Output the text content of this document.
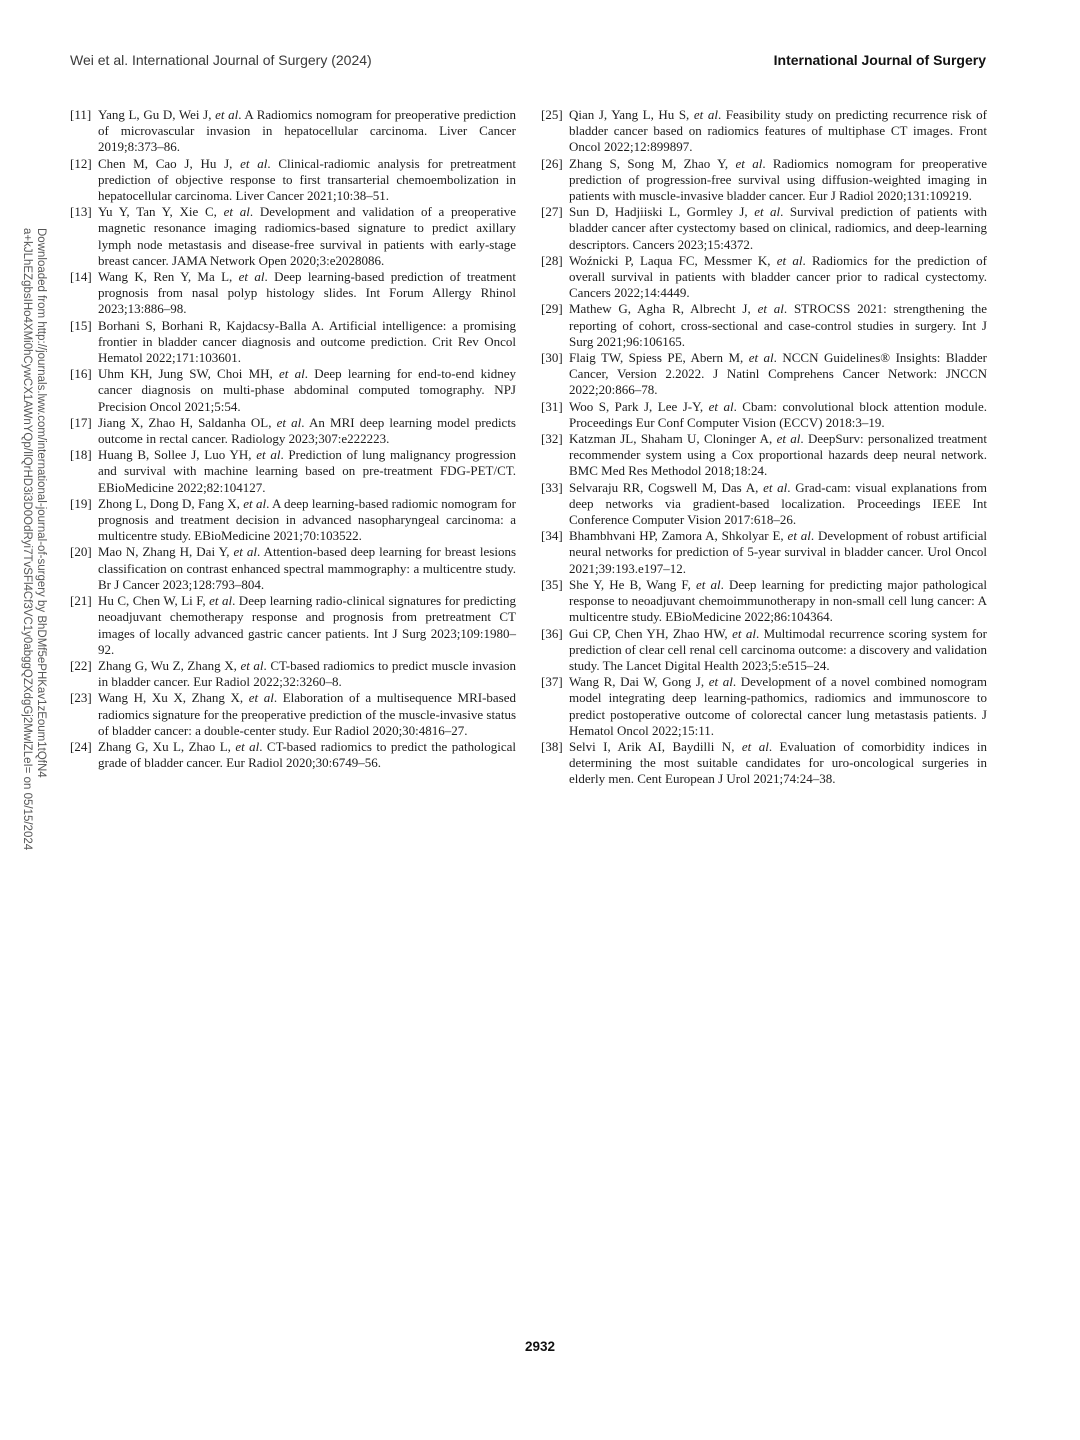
Wei et al. International Journal of Surgery (2024)	International Journal of Surgery
Downloaded from http://journals.lww.com/international-journal-of-surgery by BhDMf5ePHKav1zEoum1tQfN4
a+kJLhEZgbsIHo4XMi0hCywCX1AWnYQp/IlQrHD3i3D0OdRyi7TvSFl4Cf3VC1y0abggQZXdgGj2MwlZLeI= on 05/15/2024

[11] Yang L, Gu D, Wei J, et al. A Radiomics nomogram for preoperative prediction of microvascular invasion in hepatocellular carcinoma. Liver Cancer 2019;8:373–86.

[12] Chen M, Cao J, Hu J, et al. Clinical-radiomic analysis for pretreatment prediction of objective response to first transarterial chemoembolization in hepatocellular carcinoma. Liver Cancer 2021;10:38–51.

[13] Yu Y, Tan Y, Xie C, et al. Development and validation of a preoperative magnetic resonance imaging radiomics-based signature to predict axillary lymph node metastasis and disease-free survival in patients with early-stage breast cancer. JAMA Network Open 2020;3:e2028086.

[14] Wang K, Ren Y, Ma L, et al. Deep learning-based prediction of treatment prognosis from nasal polyp histology slides. Int Forum Allergy Rhinol 2023;13:886–98.

[15] Borhani S, Borhani R, Kajdacsy-Balla A. Artificial intelligence: a promising frontier in bladder cancer diagnosis and outcome prediction. Crit Rev Oncol Hematol 2022;171:103601.

[16] Uhm KH, Jung SW, Choi MH, et al. Deep learning for end-to-end kidney cancer diagnosis on multi-phase abdominal computed tomography. NPJ Precision Oncol 2021;5:54.

[17] Jiang X, Zhao H, Saldanha OL, et al. An MRI deep learning model predicts outcome in rectal cancer. Radiology 2023;307:e222223.

[18] Huang B, Sollee J, Luo YH, et al. Prediction of lung malignancy progression and survival with machine learning based on pre-treatment FDG-PET/CT. EBioMedicine 2022;82:104127.

[19] Zhong L, Dong D, Fang X, et al. A deep learning-based radiomic nomogram for prognosis and treatment decision in advanced nasopharyngeal carcinoma: a multicentre study. EBioMedicine 2021;70:103522.

[20] Mao N, Zhang H, Dai Y, et al. Attention-based deep learning for breast lesions classification on contrast enhanced spectral mammography: a multicentre study. Br J Cancer 2023;128:793–804.

[21] Hu C, Chen W, Li F, et al. Deep learning radio-clinical signatures for predicting neoadjuvant chemotherapy response and prognosis from pretreatment CT images of locally advanced gastric cancer patients. Int J Surg 2023;109:1980–92.

[22] Zhang G, Wu Z, Zhang X, et al. CT-based radiomics to predict muscle invasion in bladder cancer. Eur Radiol 2022;32:3260–8.

[23] Wang H, Xu X, Zhang X, et al. Elaboration of a multisequence MRI-based radiomics signature for the preoperative prediction of the muscle-invasive status of bladder cancer: a double-center study. Eur Radiol 2020;30:4816–27.

[24] Zhang G, Xu L, Zhao L, et al. CT-based radiomics to predict the pathological grade of bladder cancer. Eur Radiol 2020;30:6749–56.

[25] Qian J, Yang L, Hu S, et al. Feasibility study on predicting recurrence risk of bladder cancer based on radiomics features of multiphase CT images. Front Oncol 2022;12:899897.

[26] Zhang S, Song M, Zhao Y, et al. Radiomics nomogram for preoperative prediction of progression-free survival using diffusion-weighted imaging in patients with muscle-invasive bladder cancer. Eur J Radiol 2020;131:109219.

[27] Sun D, Hadjiiski L, Gormley J, et al. Survival prediction of patients with bladder cancer after cystectomy based on clinical, radiomics, and deep-learning descriptors. Cancers 2023;15:4372.

[28] Woźnicki P, Laqua FC, Messmer K, et al. Radiomics for the prediction of overall survival in patients with bladder cancer prior to radical cystectomy. Cancers 2022;14:4449.

[29] Mathew G, Agha R, Albrecht J, et al. STROCSS 2021: strengthening the reporting of cohort, cross-sectional and case-control studies in surgery. Int J Surg 2021;96:106165.

[30] Flaig TW, Spiess PE, Abern M, et al. NCCN Guidelines® Insights: Bladder Cancer, Version 2.2022. J Natinl Comprehens Cancer Network: JNCCN 2022;20:866–78.

[31] Woo S, Park J, Lee J-Y, et al. Cbam: convolutional block attention module. Proceedings Eur Conf Computer Vision (ECCV) 2018:3–19.

[32] Katzman JL, Shaham U, Cloninger A, et al. DeepSurv: personalized treatment recommender system using a Cox proportional hazards deep neural network. BMC Med Res Methodol 2018;18:24.

[33] Selvaraju RR, Cogswell M, Das A, et al. Grad-cam: visual explanations from deep networks via gradient-based localization. Proceedings IEEE Int Conference Computer Vision 2017:618–26.

[34] Bhambhvani HP, Zamora A, Shkolyar E, et al. Development of robust artificial neural networks for prediction of 5-year survival in bladder cancer. Urol Oncol 2021;39:193.e197–12.

[35] She Y, He B, Wang F, et al. Deep learning for predicting major pathological response to neoadjuvant chemoimmunotherapy in non-small cell lung cancer: A multicentre study. EBioMedicine 2022;86:104364.

[36] Gui CP, Chen YH, Zhao HW, et al. Multimodal recurrence scoring system for prediction of clear cell renal cell carcinoma outcome: a discovery and validation study. The Lancet Digital Health 2023;5:e515–24.

[37] Wang R, Dai W, Gong J, et al. Development of a novel combined nomogram model integrating deep learning-pathomics, radiomics and immunoscore to predict postoperative outcome of colorectal cancer lung metastasis patients. J Hematol Oncol 2022;15:11.

[38] Selvi I, Arik AI, Baydilli N, et al. Evaluation of comorbidity indices in determining the most suitable candidates for uro-oncological surgeries in elderly men. Cent European J Urol 2021;74:24–38.

2932
